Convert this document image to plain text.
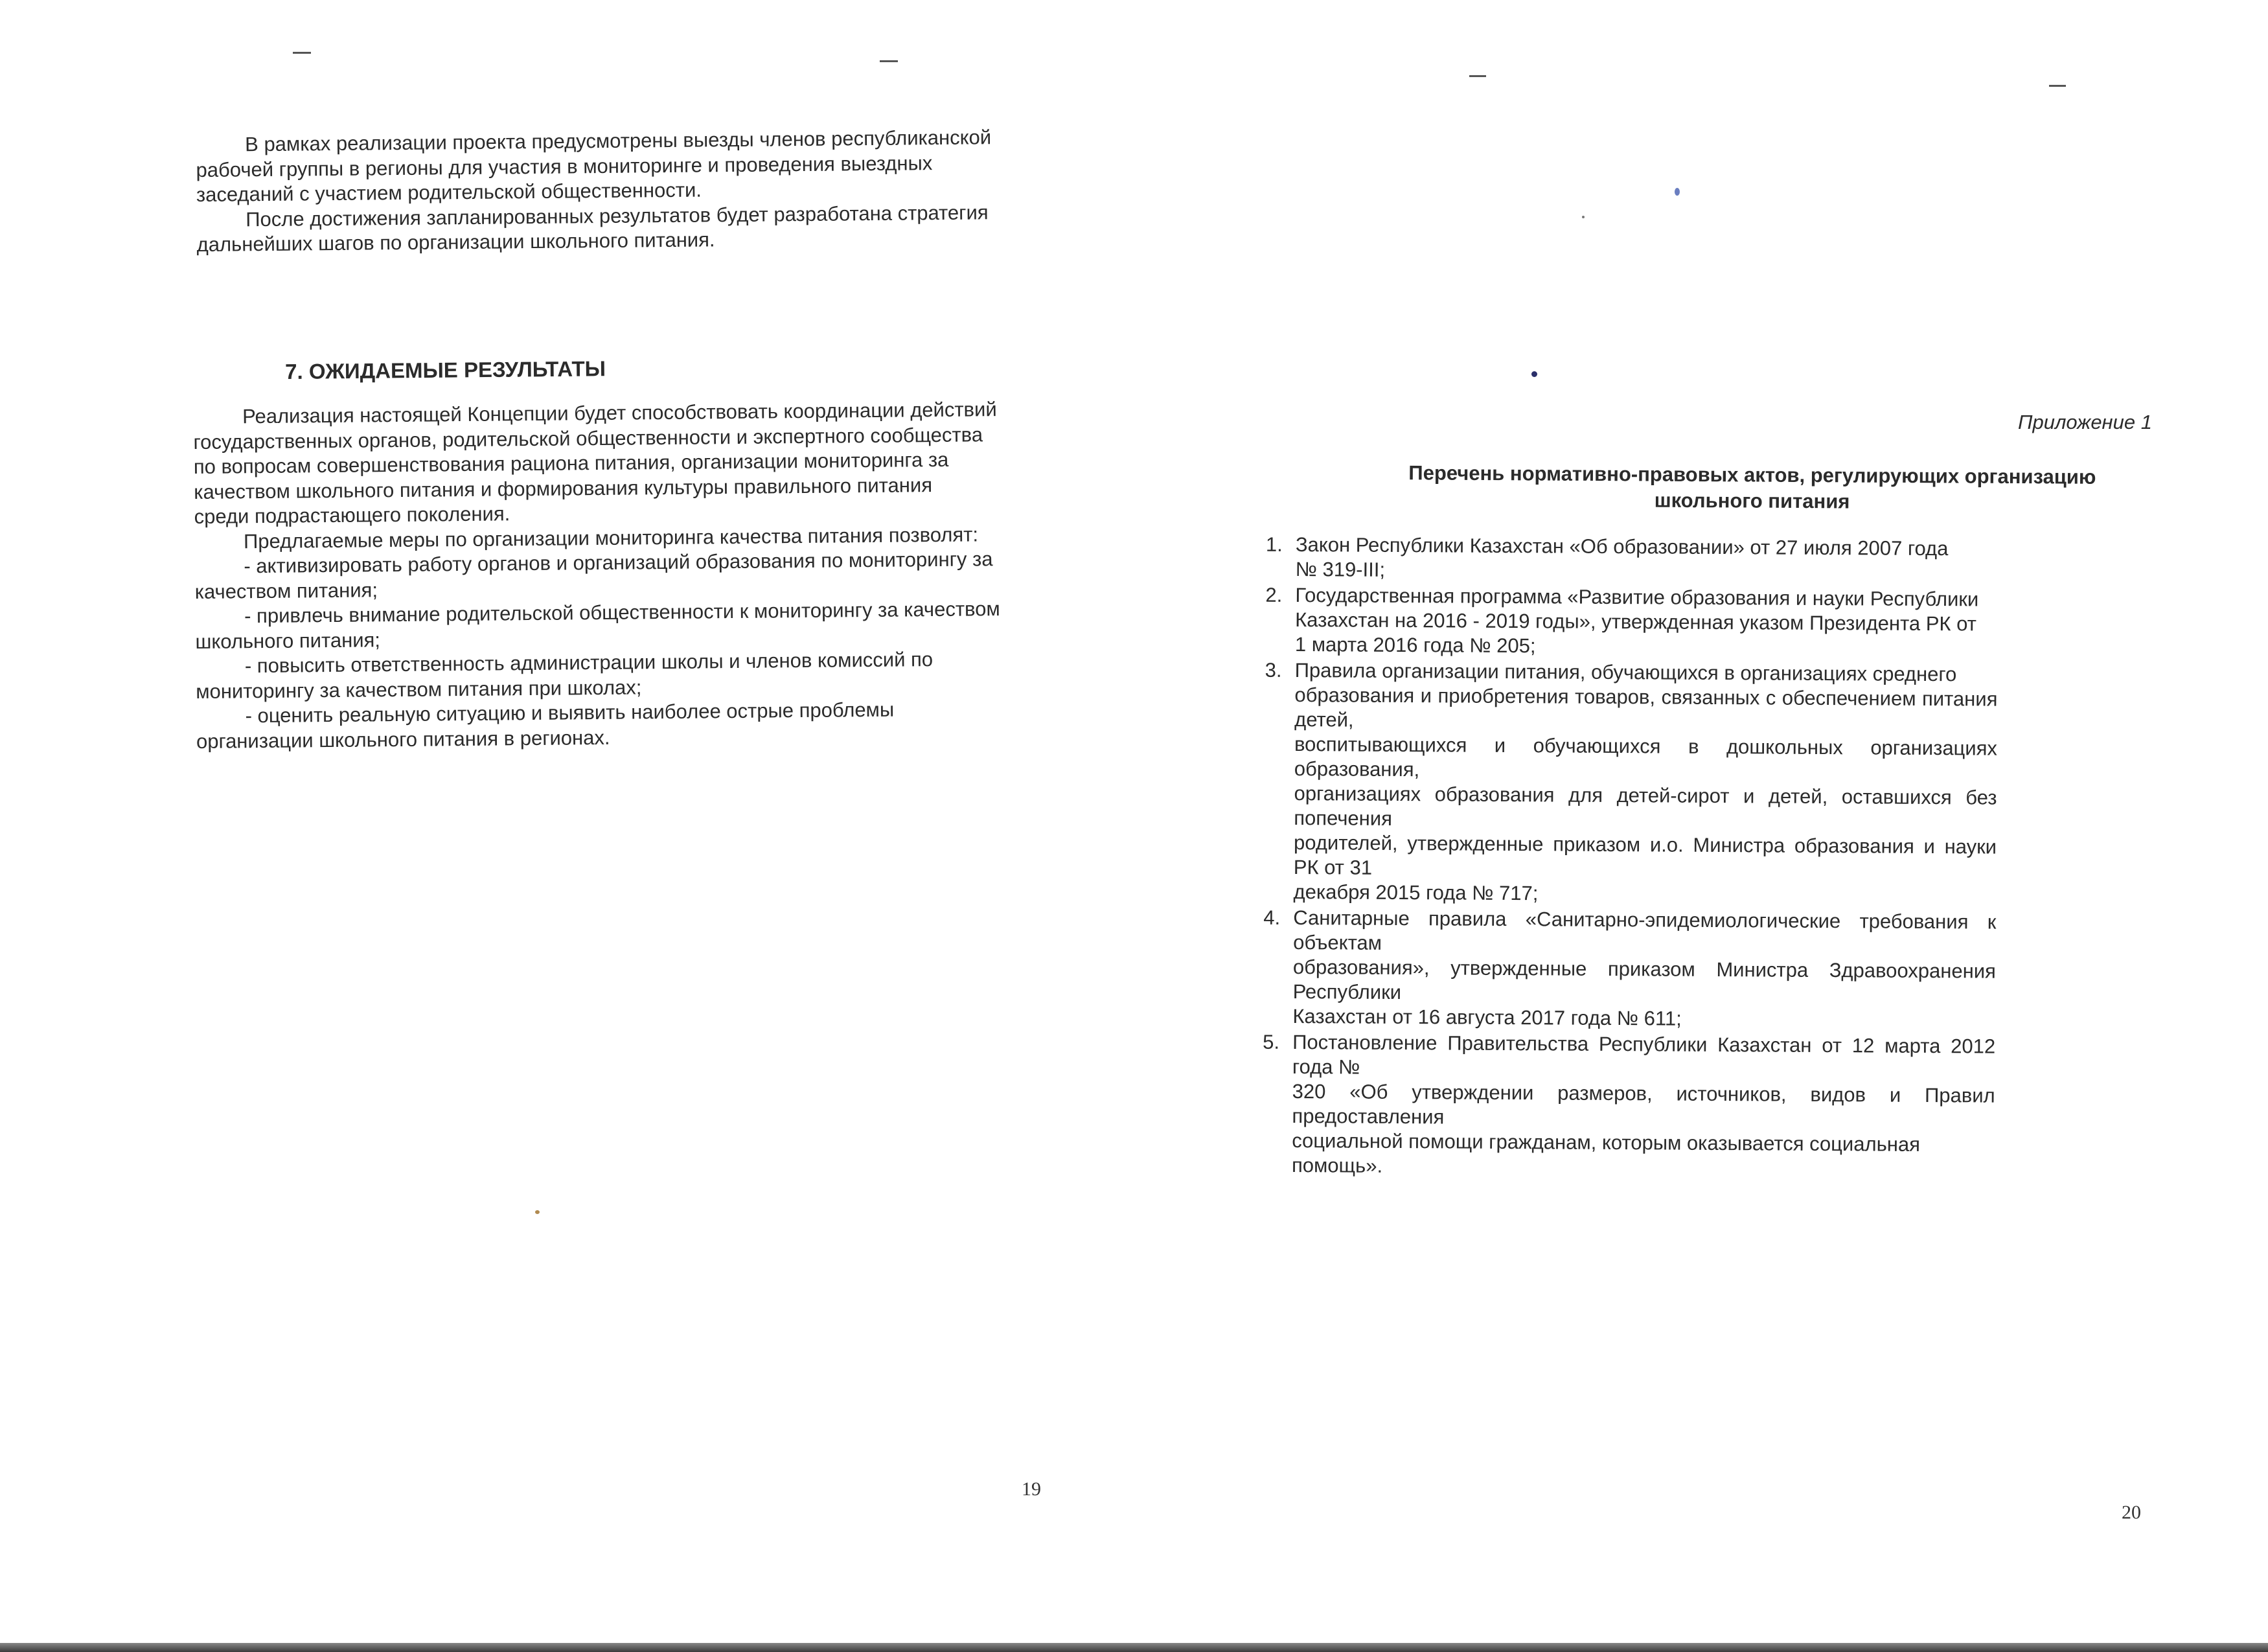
В рамках реализации проекта предусмотрены выезды членов республиканской
рабочей группы в регионы для участия в мониторинге и проведения выездных
заседаний с участием родительской общественности.
После достижения запланированных результатов будет разработана стратегия
дальнейших шагов по организации школьного питания.
7. ОЖИДАЕМЫЕ РЕЗУЛЬТАТЫ
Реализация настоящей Концепции будет способствовать координации действий
государственных органов, родительской общественности и экспертного сообщества
по вопросам совершенствования рациона питания, организации мониторинга за
качеством школьного питания и формирования культуры правильного питания
среди подрастающего поколения.
Предлагаемые меры по организации мониторинга качества питания позволят:
- активизировать работу органов и организаций образования по мониторингу за
качеством питания;
- привлечь внимание родительской общественности к мониторингу за качеством
школьного питания;
- повысить ответственность администрации школы и членов комиссий по
мониторингу за качеством питания при школах;
- оценить реальную ситуацию и выявить наиболее острые проблемы
организации школьного питания в регионах.
19
Приложение 1
Перечень нормативно-правовых актов, регулирующих организацию
школьного питания
1. Закон Республики Казахстан «Об образовании» от 27 июля 2007 года
№ 319-III;
2. Государственная программа «Развитие образования и науки Республики
Казахстан на 2016 - 2019 годы», утвержденная указом Президента РК от
1 марта 2016 года № 205;
3. Правила организации питания, обучающихся в организациях среднего
образования и приобретения товаров, связанных с обеспечением питания детей,
воспитывающихся и обучающихся в дошкольных организациях образования,
организациях образования для детей-сирот и детей, оставшихся без попечения
родителей, утвержденные приказом и.о. Министра образования и науки РК от 31
декабря 2015 года № 717;
4. Санитарные правила «Санитарно-эпидемиологические требования к объектам
образования», утвержденные приказом Министра Здравоохранения Республики
Казахстан от 16 августа 2017 года № 611;
5. Постановление Правительства Республики Казахстан от 12 марта 2012 года №
320 «Об утверждении размеров, источников, видов и Правил предоставления
социальной помощи гражданам, которым оказывается социальная помощь».
20
